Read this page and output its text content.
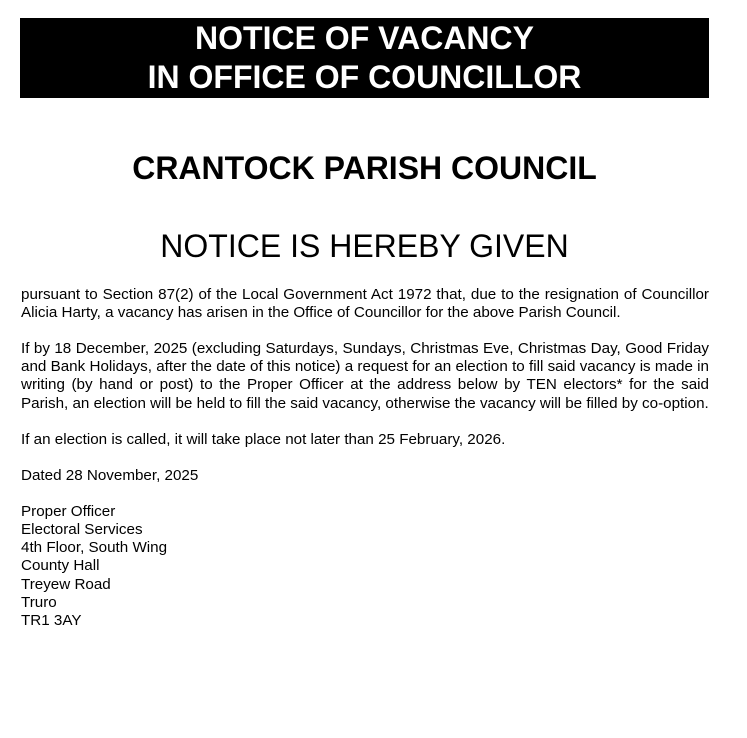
NOTICE OF VACANCY
IN OFFICE OF COUNCILLOR
CRANTOCK PARISH COUNCIL
NOTICE IS HEREBY GIVEN

pursuant to Section 87(2) of the Local Government Act 1972 that, due to the resignation of Councillor Alicia Harty, a vacancy has arisen in the Office of Councillor for the above Parish Council.

If by 18 December, 2025 (excluding Saturdays, Sundays, Christmas Eve, Christmas Day, Good Friday and Bank Holidays, after the date of this notice) a request for an election to fill said vacancy is made in writing (by hand or post) to the Proper Officer at the address below by TEN electors* for the said Parish, an election will be held to fill the said vacancy, otherwise the vacancy will be filled by co-option.

If an election is called, it will take place not later than 25 February, 2026.

Dated 28 November, 2025

Proper Officer
Electoral Services
4th Floor, South Wing
County Hall
Treyew Road
Truro
TR1 3AY
